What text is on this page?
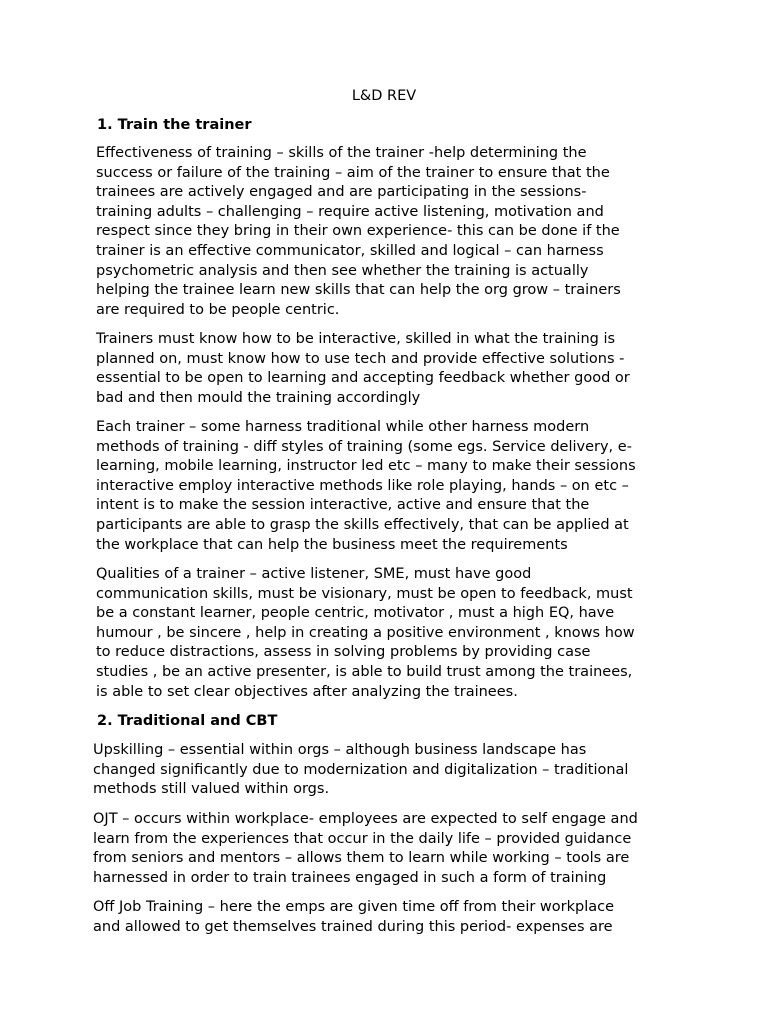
L&D REV
1. Train the trainer
Effectiveness of training – skills of the trainer -help determining the
success or failure of the training – aim of the trainer to ensure that the
trainees are actively engaged and are participating in the sessions-
training adults – challenging – require active listening, motivation and
respect since they bring in their own experience- this can be done if the
trainer is an effective communicator, skilled and logical – can harness
psychometric analysis and then see whether the training is actually
helping the trainee learn new skills that can help the org grow – trainers
are required to be people centric.
Trainers must know how to be interactive, skilled in what the training is
planned on, must know how to use tech and provide effective solutions -
essential to be open to learning and accepting feedback whether good or
bad and then mould the training accordingly
Each trainer – some harness traditional while other harness modern
methods of training - diff styles of training (some egs. Service delivery, e-
learning, mobile learning, instructor led etc – many to make their sessions
interactive employ interactive methods like role playing, hands – on etc –
intent is to make the session interactive, active and ensure that the
participants are able to grasp the skills effectively, that can be applied at
the workplace that can help the business meet the requirements
Qualities of a trainer – active listener, SME, must have good
communication skills, must be visionary, must be open to feedback, must
be a constant learner, people centric, motivator , must a high EQ, have
humour , be sincere , help in creating a positive environment , knows how
to reduce distractions, assess in solving problems by providing case
studies , be an active presenter, is able to build trust among the trainees,
is able to set clear objectives after analyzing the trainees.
2. Traditional and CBT
Upskilling – essential within orgs – although business landscape has
changed significantly due to modernization and digitalization – traditional
methods still valued within orgs.
OJT – occurs within workplace- employees are expected to self engage and
learn from the experiences that occur in the daily life – provided guidance
from seniors and mentors – allows them to learn while working – tools are
harnessed in order to train trainees engaged in such a form of training
Off Job Training – here the emps are given time off from their workplace
and allowed to get themselves trained during this period- expenses are
